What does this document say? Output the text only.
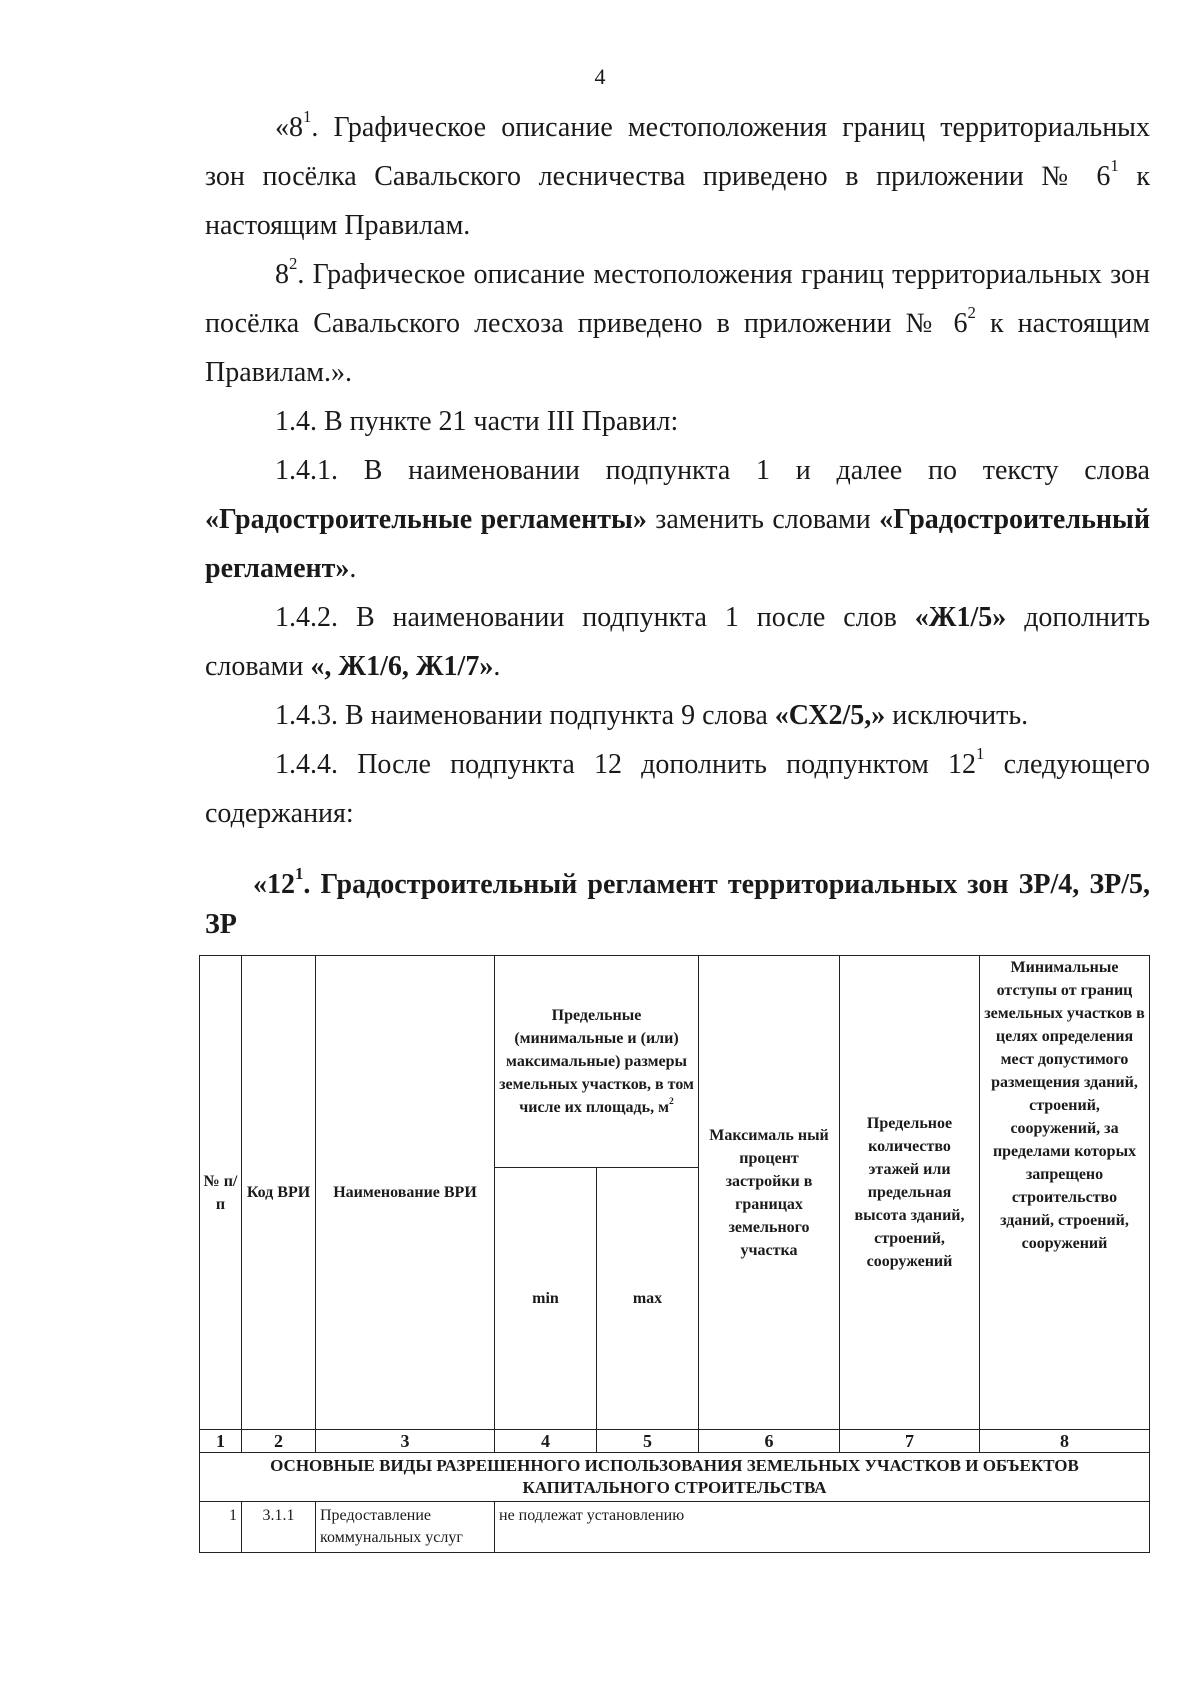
4

«$8^1$. Графическое описание местоположения границ территориальных зон посёлка Савальского лесничества приведено в приложении № $6^1$ к настоящим Правилам.

$8^2$. Графическое описание местоположения границ территориальных зон посёлка Савальского лесхоза приведено в приложении № $6^2$ к настоящим Правилам.».

1.4. В пункте 21 части III Правил:

1.4.1. В наименовании подпункта 1 и далее по тексту слова «Градостроительные регламенты» заменить словами «Градостроительный регламент».

1.4.2. В наименовании подпункта 1 после слов «Ж1/5» дополнить словами «, Ж1/6, Ж1/7».

1.4.3. В наименовании подпункта 9 слова «СХ2/5,» исключить.

1.4.4. После подпункта 12 дополнить подпунктом $12^1$ следующего содержания:

«$12^1$. Градостроительный регламент территориальных зон ЗР/4, ЗР/5, ЗР

№ п/ п	Код ВРИ	Наименование ВРИ	Предельные (минимальные и (или) максимальные) размеры земельных участков, в том числе их площадь, $м^2$		Максималь ный процент застройки в границах земельного участка	Предельное количество этажей или предельная высота зданий, строений, сооружений	Минимальные отступы от границ земельных участков в целях определения мест допустимого размещения зданий, строений, сооружений, за пределами которых запрещено строительство зданий, строений, сооружений
			min	max			
1	2	3	4	5	6	7	8
ОСНОВНЫЕ ВИДЫ РАЗРЕШЕННОГО ИСПОЛЬЗОВАНИЯ ЗЕМЕЛЬНЫХ УЧАСТКОВ И ОБЪЕКТОВ КАПИТАЛЬНОГО СТРОИТЕЛЬСТВА							
1	3.1.1	Предоставление коммунальных услуг	не подлежат установлению				
